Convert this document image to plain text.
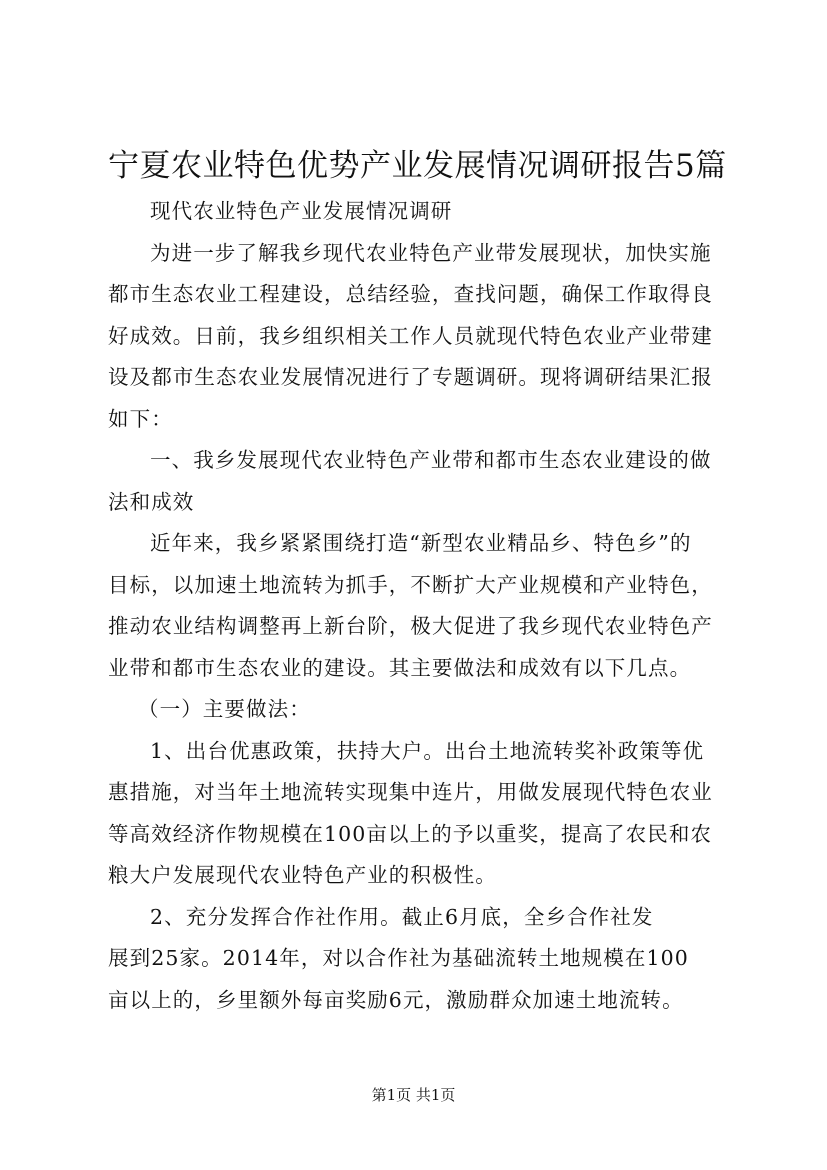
宁夏农业特色优势产业发展情况调研报告5篇
现代农业特色产业发展情况调研
为进一步了解我乡现代农业特色产业带发展现状，加快实施
都市生态农业工程建设，总结经验，查找问题，确保工作取得良
好成效。日前，我乡组织相关工作人员就现代特色农业产业带建
设及都市生态农业发展情况进行了专题调研。现将调研结果汇报
如下：
一、我乡发展现代农业特色产业带和都市生态农业建设的做
法和成效
近年来，我乡紧紧围绕打造“新型农业精品乡、特色乡”的
目标，以加速土地流转为抓手，不断扩大产业规模和产业特色，
推动农业结构调整再上新台阶，极大促进了我乡现代农业特色产
业带和都市生态农业的建设。其主要做法和成效有以下几点。
（一）主要做法：
1、出台优惠政策，扶持大户。出台土地流转奖补政策等优
惠措施，对当年土地流转实现集中连片，用做发展现代特色农业
等高效经济作物规模在100亩以上的予以重奖，提高了农民和农
粮大户发展现代农业特色产业的积极性。
2、充分发挥合作社作用。截止6月底，全乡合作社发
展到25家。2014年，对以合作社为基础流转土地规模在100
亩以上的，乡里额外每亩奖励6元，激励群众加速土地流转。
第1页 共1页
